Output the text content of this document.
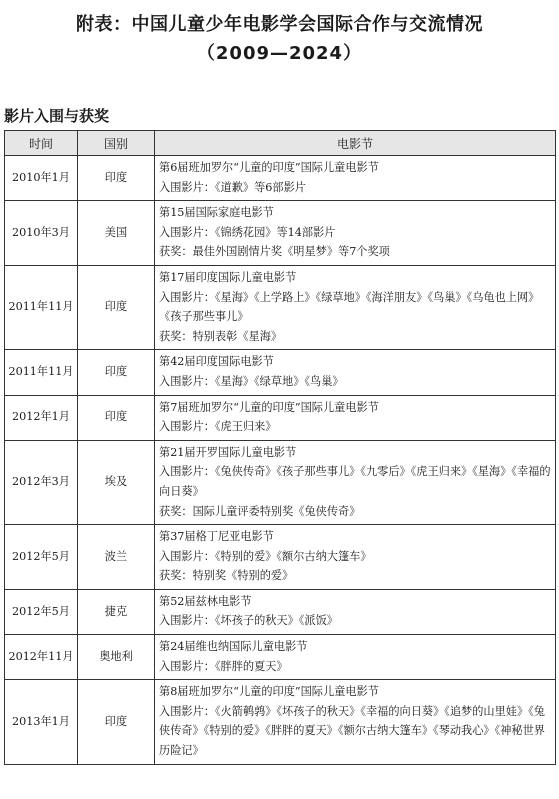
附表：中国儿童少年电影学会国际合作与交流情况
（2009—2024）
影片入围与获奖
时间	国别	电影节
2010年1月	印度	第6届班加罗尔“儿童的印度”国际儿童电影节
入围影片：《道歉》等6部影片

2010年3月	美国	第15届国际家庭电影节
入围影片：《锦绣花园》等14部影片
获奖：最佳外国剧情片奖《明星梦》等7个奖项

2011年11月	印度	第17届印度国际儿童电影节
入围影片：《星海》《上学路上》《绿草地》《海洋朋友》《鸟巢》《乌龟也上网》《孩子那些事儿》
获奖：特别表彰《星海》

2011年11月	印度	第42届印度国际电影节
入围影片：《星海》《绿草地》《鸟巢》

2012年1月	印度	第7届班加罗尔“儿童的印度”国际儿童电影节
入围影片：《虎王归来》

2012年3月	埃及	第21届开罗国际儿童电影节
入围影片：《兔侠传奇》《孩子那些事儿》《九零后》《虎王归来》《星海》《幸福的向日葵》
获奖：国际儿童评委特别奖《兔侠传奇》

2012年5月	波兰	第37届格丁尼亚电影节
入围影片：《特别的爱》《额尔古纳大篷车》
获奖：特别奖《特别的爱》

2012年5月	捷克	第52届兹林电影节
入围影片：《坏孩子的秋天》《派饭》

2012年11月	奥地利	第24届维也纳国际儿童电影节
入围影片：《胖胖的夏天》

2013年1月	印度	第8届班加罗尔“儿童的印度”国际儿童电影节
入围影片：《火箭鹌鹑》《坏孩子的秋天》《幸福的向日葵》《追梦的山里娃》《兔侠传奇》《特别的爱》《胖胖的夏天》《额尔古纳大篷车》《琴动我心》《神秘世界历险记》
